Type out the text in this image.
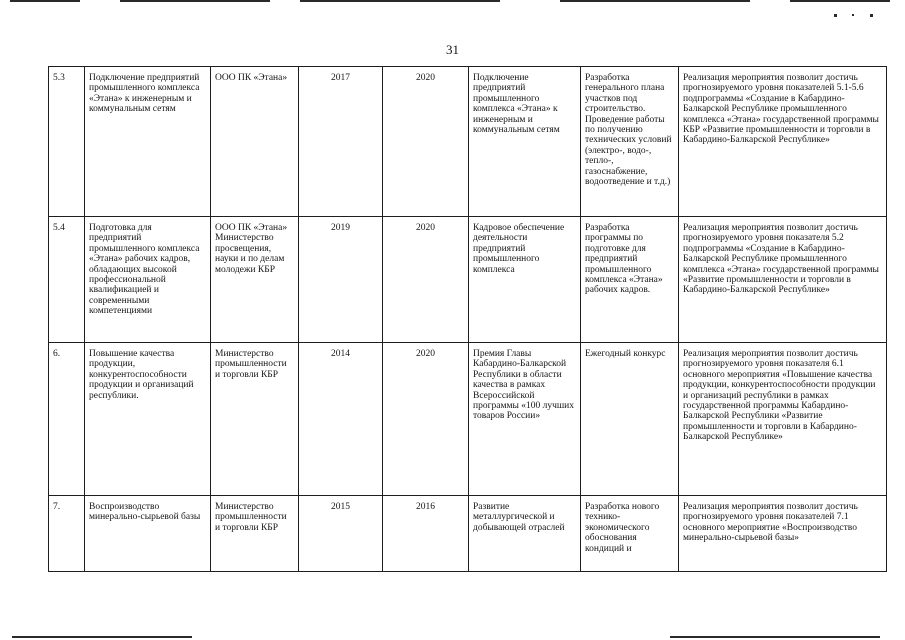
31
5.3	Подключение предприятий промышленного комплекса «Этана» к инженерным и коммунальным сетям	ООО ПК «Этана»	2017	2020	Подключение предприятий промышленного комплекса «Этана» к инженерным и коммунальным сетям	Разработка генерального плана участков под строительство. Проведение работы по получению технических условий (электро-, водо-, тепло-, газоснабжение, водоотведение и т.д.)	Реализация мероприятия позволит достичь прогнозируемого уровня показателей 5.1-5.6 подпрограммы «Создание в Кабардино-Балкарской Республике промышленного комплекса «Этана» государственной программы КБР «Развитие промышленности и торговли в Кабардино-Балкарской Республике»
5.4	Подготовка для предприятий промышленного комплекса «Этана» рабочих кадров, обладающих высокой профессиональной квалификацией и современными компетенциями	ООО ПК «Этана» Министерство просвещения, науки и по делам молодежи КБР	2019	2020	Кадровое обеспечение деятельности предприятий промышленного комплекса	Разработка программы по подготовке для предприятий промышленного комплекса «Этана» рабочих кадров.	Реализация мероприятия позволит достичь прогнозируемого уровня показателя 5.2 подпрограммы «Создание в Кабардино-Балкарской Республике промышленного комплекса «Этана» государственной программы «Развитие промышленности и торговли в Кабардино-Балкарской Республике»
6.	Повышение качества продукции, конкурентоспособности продукции и организаций республики.	Министерство промышленности и торговли КБР	2014	2020	Премия Главы Кабардино-Балкарской Республики в области качества в рамках Всероссийской программы «100 лучших товаров России»	Ежегодный конкурс	Реализация мероприятия позволит достичь прогнозируемого уровня показателя 6.1 основного мероприятия «Повышение качества продукции, конкурентоспособности продукции и организаций республики в рамках государственной программы Кабардино-Балкарской Республики «Развитие промышленности и торговли в Кабардино-Балкарской Республике»
7.	Воспроизводство минерально-сырьевой базы	Министерство промышленности и торговли КБР	2015	2016	Развитие металлургической и добывающей отраслей	Разработка нового технико-экономического обоснования кондиций и	Реализация мероприятия позволит достичь прогнозируемого уровня показателей 7.1 основного мероприятие «Воспроизводство минерально-сырьевой базы»
